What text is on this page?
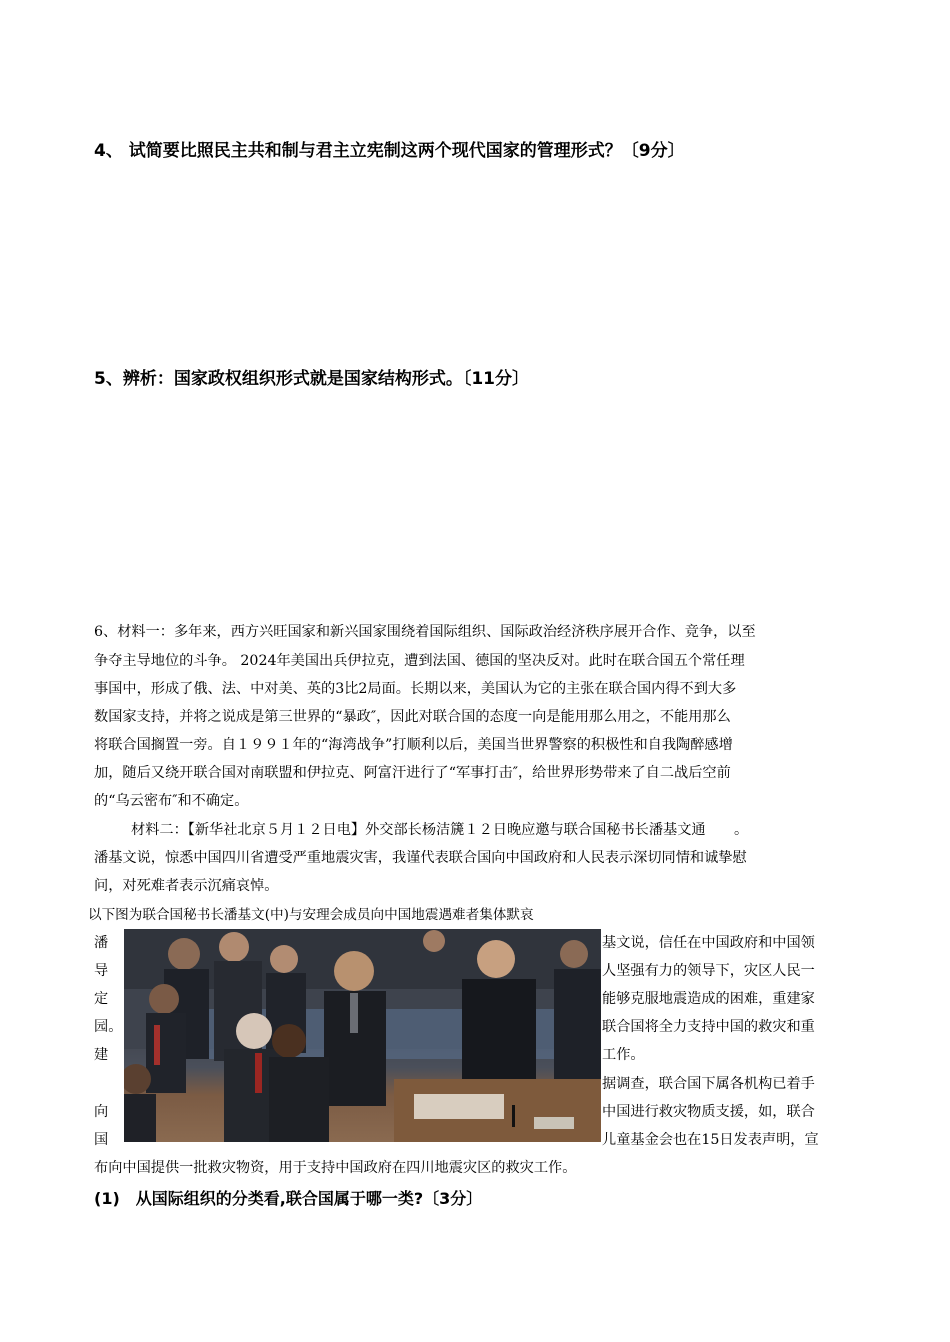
4、 试简要比照民主共和制与君主立宪制这两个现代国家的管理形式？〔9分〕
5、辨析：国家政权组织形式就是国家结构形式。〔11分〕
6、材料一：多年来，西方兴旺国家和新兴国家围绕着国际组织、国际政治经济秩序展开合作、竞争，以至
争夺主导地位的斗争。 2024年美国出兵伊拉克，遭到法国、德国的坚决反对。此时在联合国五个常任理
事国中，形成了俄、法、中对美、英的3比2局面。长期以来，美国认为它的主张在联合国内得不到大多
数国家支持，并将之说成是第三世界的“暴政″，因此对联合国的态度一向是能用那么用之，不能用那么
将联合国搁置一旁。自１９９１年的“海湾战争”打顺利以后，美国当世界警察的积极性和自我陶醉感增
加，随后又绕开联合国对南联盟和伊拉克、阿富汗进行了“军事打击″，给世界形势带来了自二战后空前
的“乌云密布″和不确定。
材料二：【新华社北京５月１２日电】外交部长杨洁篪１２日晚应邀与联合国秘书长潘基文通　　。
潘基文说，惊悉中国四川省遭受严重地震灾害，我谨代表联合国向中国政府和人民表示深切同情和诚挚慰
问，对死难者表示沉痛哀悼。
以下图为联合国秘书长潘基文(中)与安理会成员向中国地震遇难者集体默哀
潘
导
定
园。
建
向
国
基文说，信任在中国政府和中国领
人坚强有力的领导下，灾区人民一
能够克服地震造成的困难，重建家
联合国将全力支持中国的救灾和重
工作。
据调查，联合国下属各机构已着手
中国进行救灾物质支援，如，联合
儿童基金会也在15日发表声明，宣
布向中国提供一批救灾物资，用于支持中国政府在四川地震灾区的救灾工作。
(1)　从国际组织的分类看,联合国属于哪一类?〔3分〕
